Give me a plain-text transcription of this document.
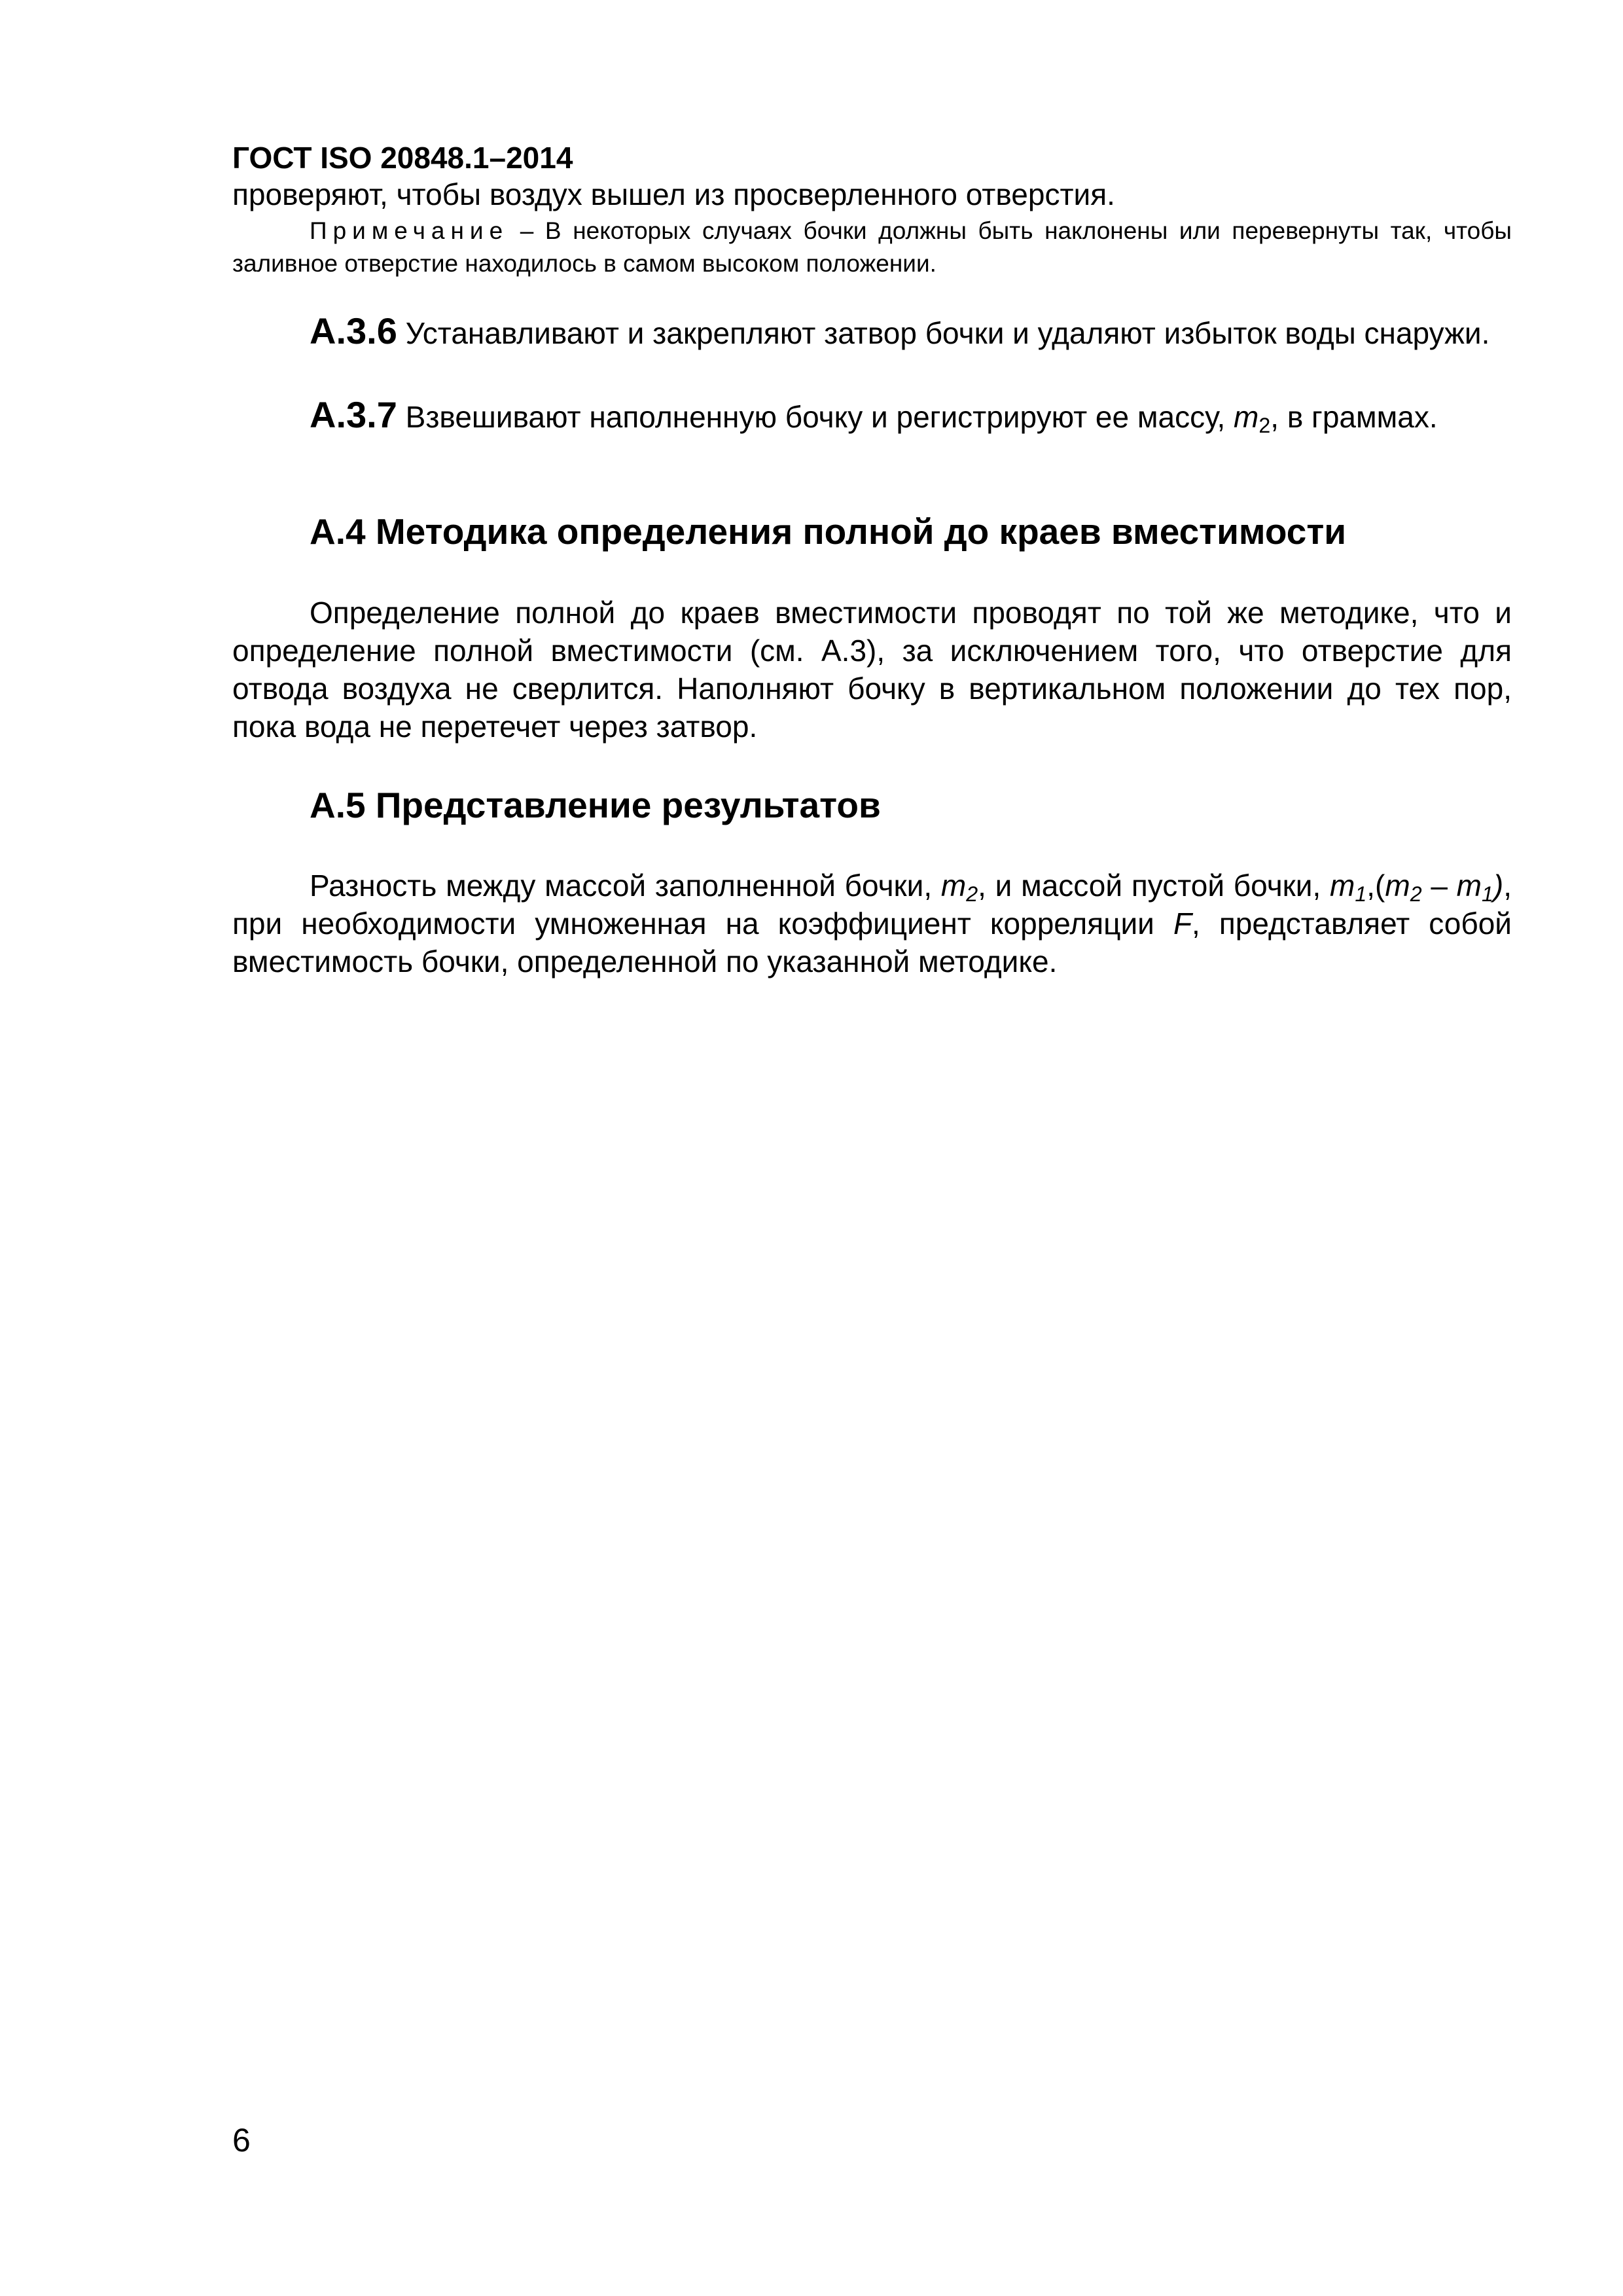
ГОСТ ISO 20848.1–2014
проверяют, чтобы воздух вышел из просверленного отверстия.
Примечание – В некоторых случаях бочки должны быть наклонены или перевернуты так, чтобы заливное отверстие находилось в самом высоком положении.
А.3.6 Устанавливают и закрепляют затвор бочки и удаляют избыток воды снаружи.
А.3.7 Взвешивают наполненную бочку и регистрируют ее массу, $m_2$, в граммах.
А.4 Методика определения полной до краев вместимости
Определение полной до краев вместимости проводят по той же методике, что и определение полной вместимости (см. А.3), за исключением того, что отверстие для отвода воздуха не сверлится. Наполняют бочку в вертикальном положении до тех пор, пока вода не перетечет через затвор.
А.5 Представление результатов
Разность между массой заполненной бочки, $m_2$, и массой пустой бочки, $m_1,(m_2 - m_1)$, при необходимости умноженная на коэффициент корреляции F, представляет собой вместимость бочки, определенной по указанной методике.
6
